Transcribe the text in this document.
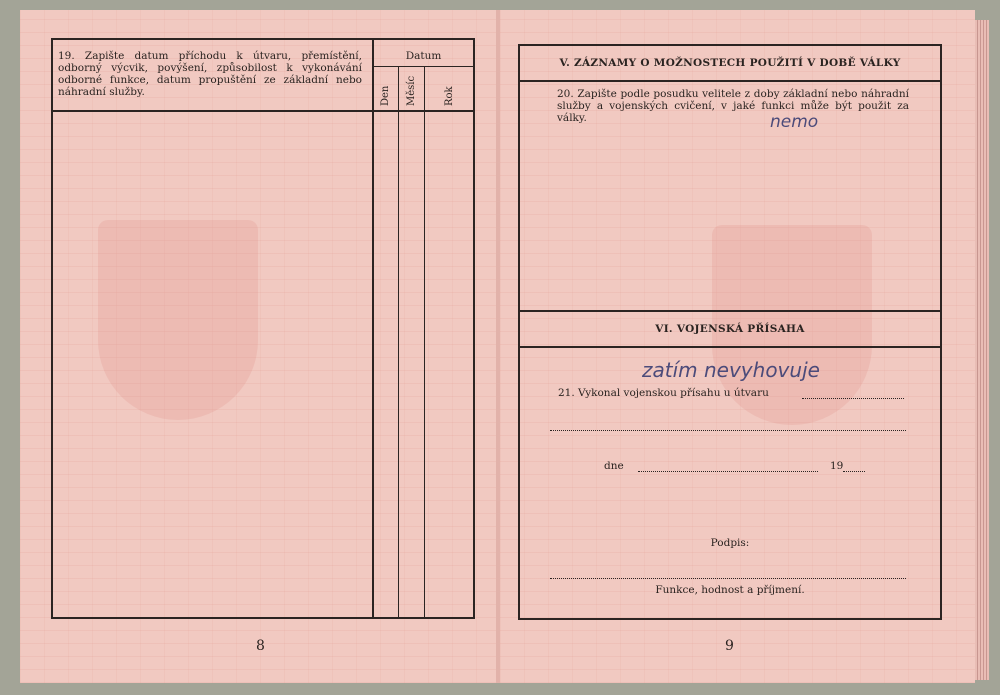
19. Zapište datum příchodu k útvaru, přemístění, odborný výcvik, povýšení, způsobilost k vykonávání odborné funkce, datum propuštění ze základní nebo náhradní služby.
Datum
Den Měsíc	Rok
8
V. ZÁZNAMY O MOŽNOSTECH POUŽITÍ V DOBĚ VÁLKY
20. Zapište podle posudku velitele z doby základní nebo náhradní služby a vojenských cvičení, v jaké funkci může být použit za války.	nemo
VI. VOJENSKÁ PŘÍSAHA
zatím nevyhovuje
21. Vykonal vojenskou přísahu u útvaru
dne	19
Podpis:
Funkce, hodnost a příjmení.
9
